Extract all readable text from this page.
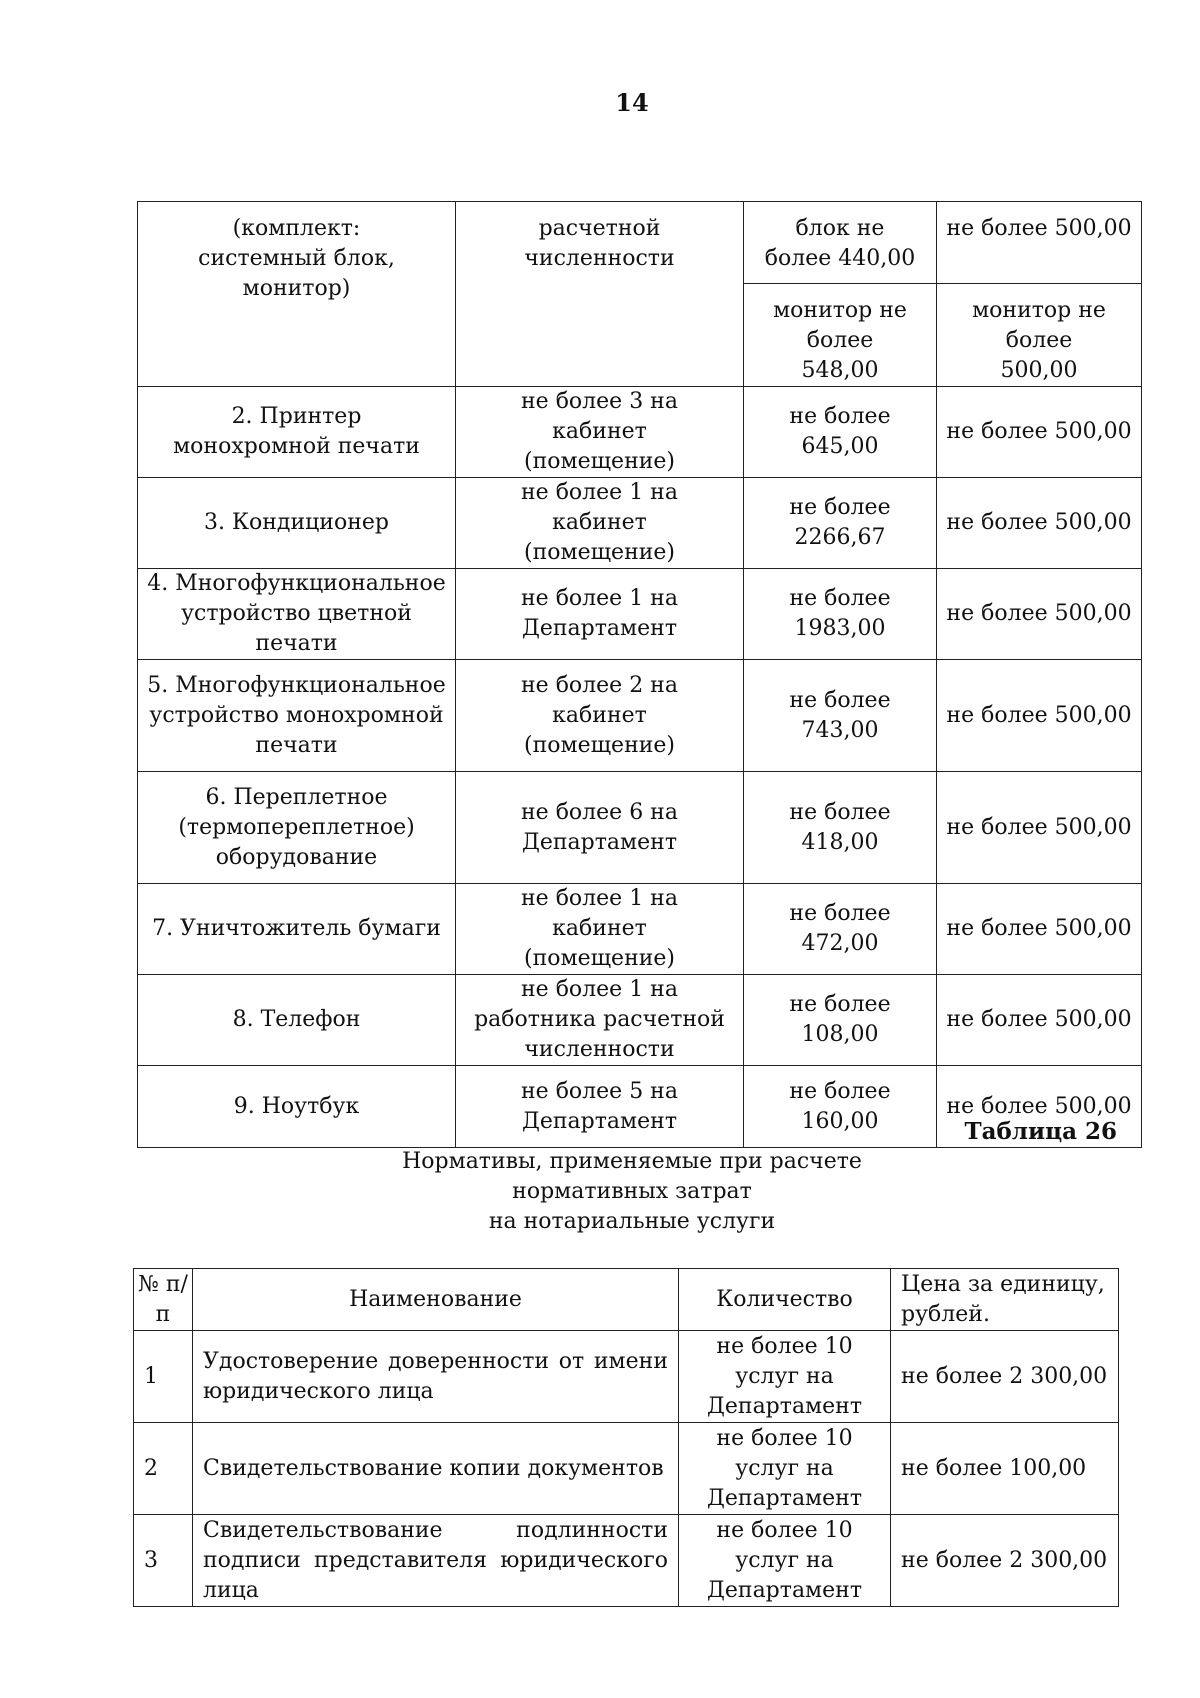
14
(комплект: системный блок, монитор)	расчетной численности	блок не более 440,00	не более 500,00

		монитор не более 548,00	монитор не более 500,00

2. Принтер монохромной печати	не более 3 на кабинет (помещение)	не более 645,00	не более 500,00
3. Кондиционер	не более 1 на кабинет (помещение)	не более 2266,67	не более 500,00
4. Многофункциональное устройство цветной печати	не более 1 на Департамент	не более 1983,00	не более 500,00
5. Многофункциональное устройство монохромной печати	не более 2 на кабинет (помещение)	не более 743,00	не более 500,00

6. Переплетное (термопереплетное) оборудование	не более 6 на Департамент	не более 418,00	не более 500,00
7. Уничтожитель бумаги	не более 1 на кабинет (помещение)	не более 472,00	не более 500,00
8. Телефон	не более 1 на работника расчетной численности	не более 108,00	не более 500,00
9. Ноутбук	не более 5 на Департамент	не более 160,00	не более 500,00
Таблица 26
Нормативы, применяемые при расчете
нормативных затрат
на нотариальные услуги
№ п/п	Наименование	Количество	Цена за единицу, рублей.
1	Удостоверение доверенности от имени юридического лица	не более 10 услуг на Департамент	не более 2 300,00
2	Свидетельствование копии документов	не более 10 услуг на Департамент	не более 100,00
3	Свидетельствование подлинности подписи представителя юридического лица	не более 10 услуг на Департамент	не более 2 300,00
